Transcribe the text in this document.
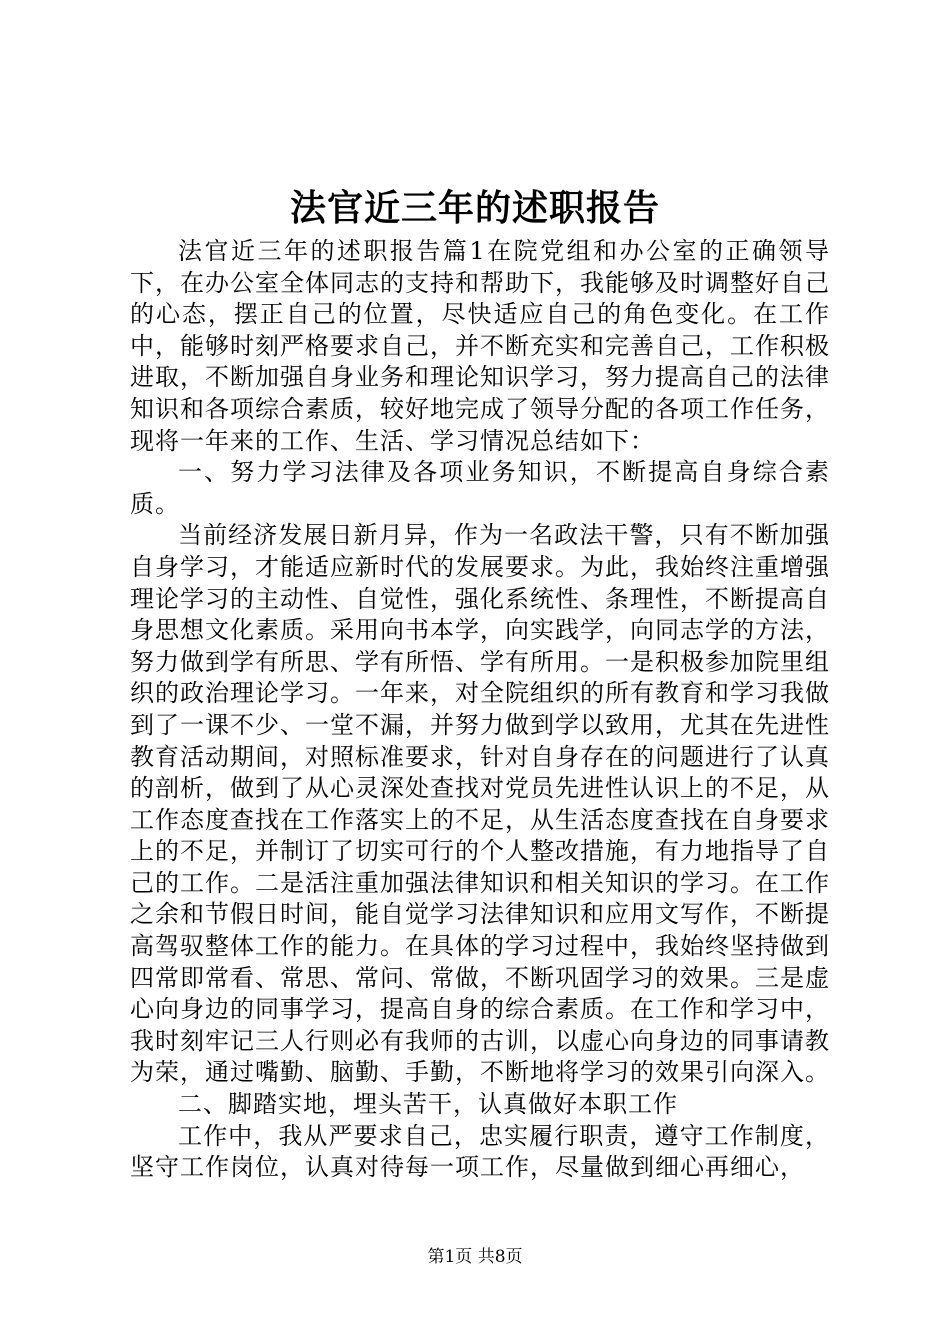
法官近三年的述职报告

法官近三年的述职报告篇1在院党组和办公室的正确领导下，在办公室全体同志的支持和帮助下，我能够及时调整好自己的心态，摆正自己的位置，尽快适应自己的角色变化。在工作中，能够时刻严格要求自己，并不断充实和完善自己，工作积极进取，不断加强自身业务和理论知识学习，努力提高自己的法律知识和各项综合素质，较好地完成了领导分配的各项工作任务，现将一年来的工作、生活、学习情况总结如下：

一、努力学习法律及各项业务知识，不断提高自身综合素质。

当前经济发展日新月异，作为一名政法干警，只有不断加强自身学习，才能适应新时代的发展要求。为此，我始终注重增强理论学习的主动性、自觉性，强化系统性、条理性，不断提高自身思想文化素质。采用向书本学，向实践学，向同志学的方法，努力做到学有所思、学有所悟、学有所用。一是积极参加院里组织的政治理论学习。一年来，对全院组织的所有教育和学习我做到了一课不少、一堂不漏，并努力做到学以致用，尤其在先进性教育活动期间，对照标准要求，针对自身存在的问题进行了认真的剖析，做到了从心灵深处查找对党员先进性认识上的不足，从工作态度查找在工作落实上的不足，从生活态度查找在自身要求上的不足，并制订了切实可行的个人整改措施，有力地指导了自己的工作。二是活注重加强法律知识和相关知识的学习。在工作之余和节假日时间，能自觉学习法律知识和应用文写作，不断提高驾驭整体工作的能力。在具体的学习过程中，我始终坚持做到四常即常看、常思、常问、常做，不断巩固学习的效果。三是虚心向身边的同事学习，提高自身的综合素质。在工作和学习中，我时刻牢记三人行则必有我师的古训，以虚心向身边的同事请教为荣，通过嘴勤、脑勤、手勤，不断地将学习的效果引向深入。

二、脚踏实地，埋头苦干，认真做好本职工作

工作中，我从严要求自己，忠实履行职责，遵守工作制度，坚守工作岗位，认真对待每一项工作，尽量做到细心再细心，

第1页 共8页
